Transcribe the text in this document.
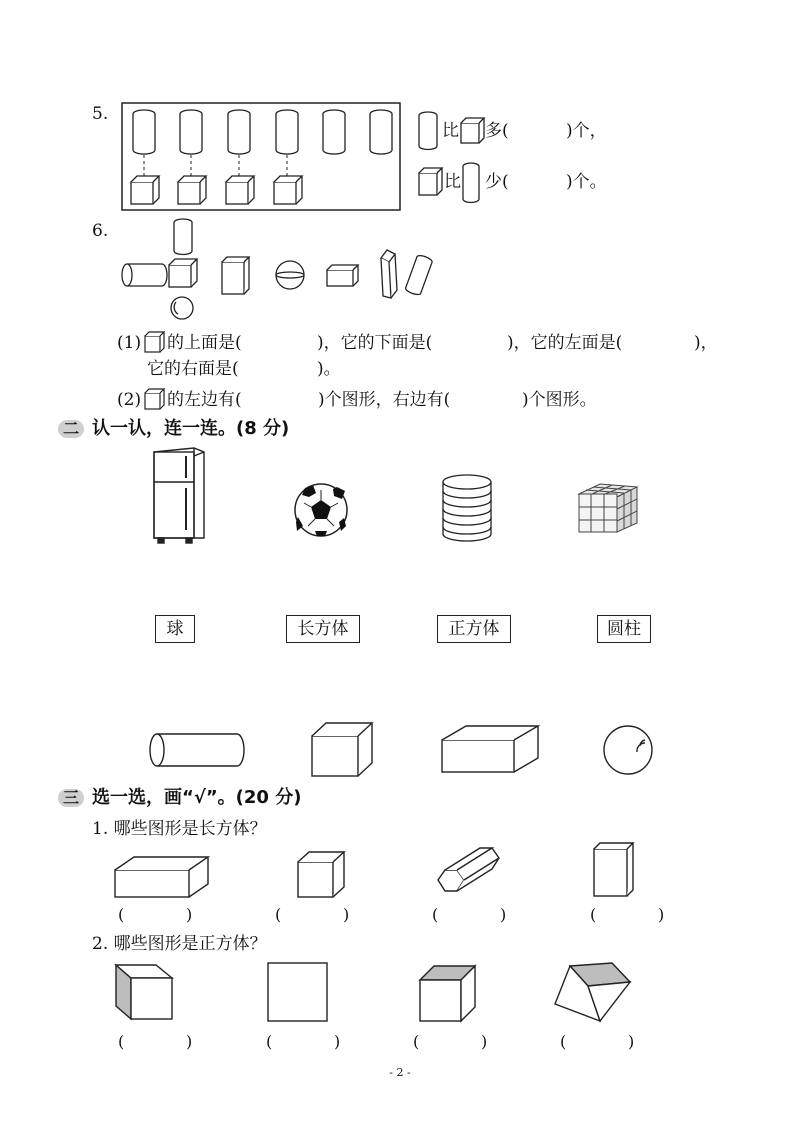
5.
比 多(	)个，
比 少(	)个。
6.
(1) 的上面是(	)，它的下面是(	)，它的左面是(	)，
它的右面是(	)。
(2) 的左边有(	)个图形，右边有(	)个图形。
二 认一认，连一连。(8 分)
球	长方体	正方体	圆柱
三 选一选，画“√”。(20 分)
1. 哪些图形是长方体？
(	)	(	)	(	)	(	)
2. 哪些图形是正方体？
(	)	(	)	(	)	(	)
- 2 -
